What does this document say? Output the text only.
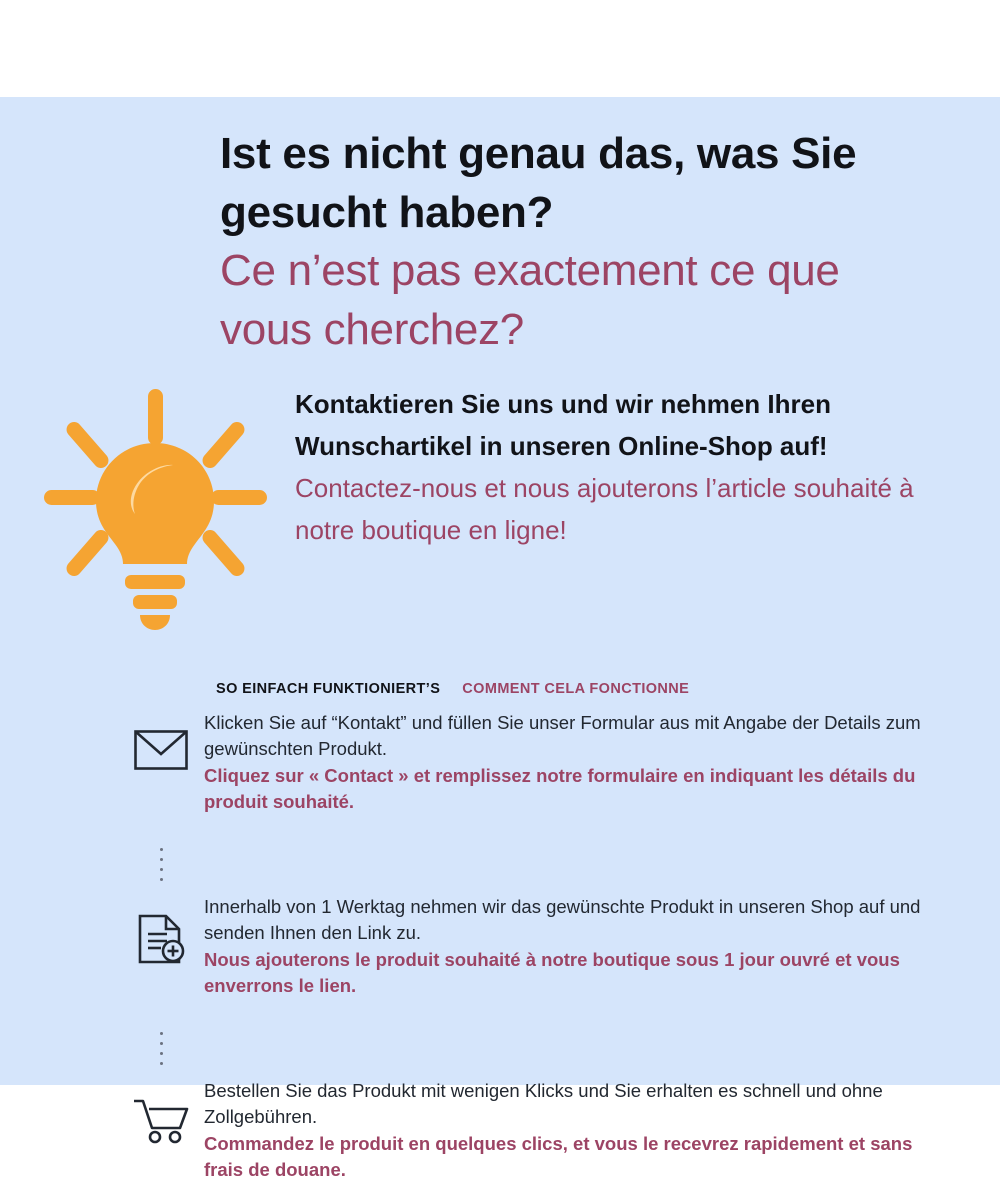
Ist es nicht genau das, was Sie gesucht haben?

Ce n’est pas exactement ce que vous cherchez?

Kontaktieren Sie uns und wir nehmen Ihren Wunschartikel in unseren Online-Shop auf!

Contactez-nous et nous ajouterons l’article souhaité à notre boutique en ligne!

SO EINFACH FUNKTIONIERT’S COMMENT CELA FONCTIONNE

Klicken Sie auf “Kontakt” und füllen Sie unser Formular aus mit Angabe der Details zum gewünschten Produkt.

Cliquez sur « Contact » et remplissez notre formulaire en indiquant les détails du produit souhaité.

Innerhalb von 1 Werktag nehmen wir das gewünschte Produkt in unseren Shop auf und senden Ihnen den Link zu.

Nous ajouterons le produit souhaité à notre boutique sous 1 jour ouvré et vous enverrons le lien.

Bestellen Sie das Produkt mit wenigen Klicks und Sie erhalten es schnell und ohne Zollgebühren.

Commandez le produit en quelques clics, et vous le recevrez rapidement et sans frais de douane.
